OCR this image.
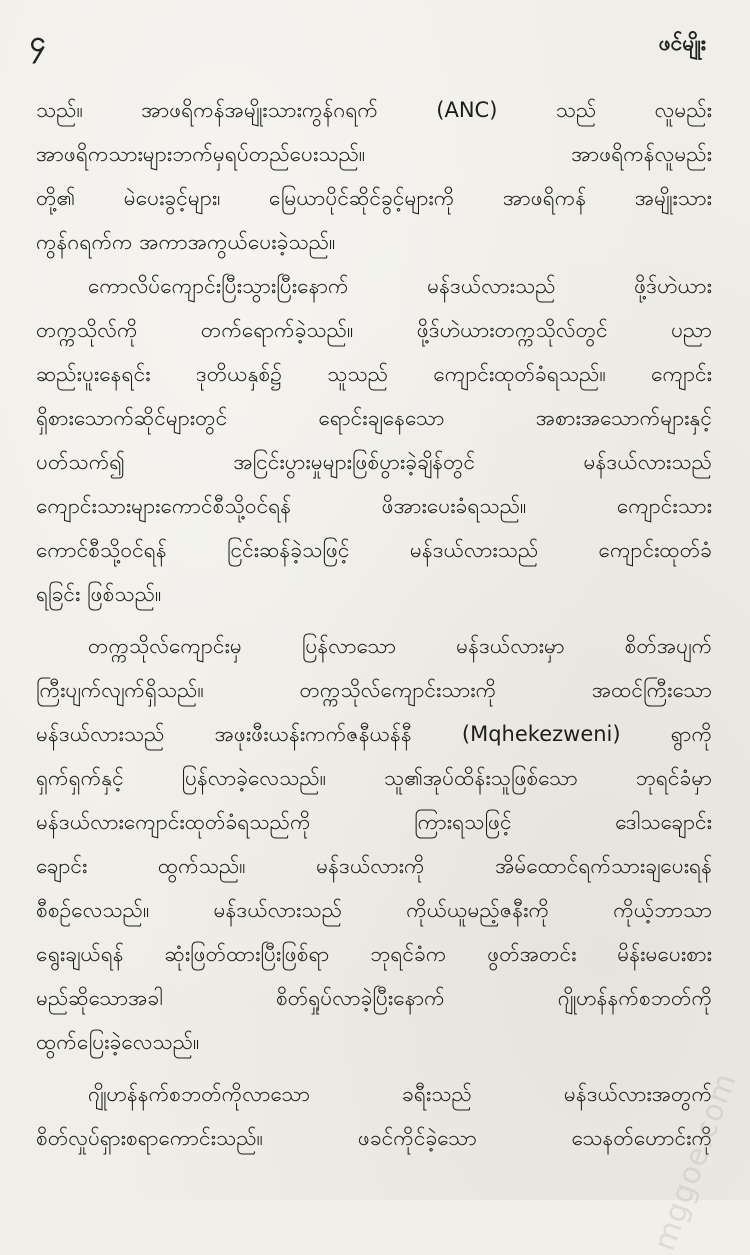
၄	ဖင်မျိုး
သည်။ အာဖရိကန်အမျိုးသားကွန်ဂရက် (ANC) သည် လူမည်း
အာဖရိကသားများဘက်မှရပ်တည်ပေးသည်။ အာဖရိကန်လူမည်း
တို့၏ မဲပေးခွင့်များ၊ မြေယာပိုင်ဆိုင်ခွင့်များကို အာဖရိကန် အမျိုးသား
ကွန်ဂရက်က အကာအကွယ်ပေးခဲ့သည်။
ကောလိပ်ကျောင်းပြီးသွားပြီးနောက် မန်ဒယ်လားသည် ဖို့ဒ်ဟဲယား
တက္ကသိုလ်ကို တက်ရောက်ခဲ့သည်။ ဖို့ဒ်ဟဲယားတက္ကသိုလ်တွင် ပညာ
ဆည်းပူးနေရင်း ဒုတိယနှစ်၌ သူသည် ကျောင်းထုတ်ခံရသည်။ ကျောင်း
ရှိစားသောက်ဆိုင်များတွင် ရောင်းချနေသော အစားအသောက်များနှင့်
ပတ်သက်၍ အငြင်းပွားမှုများဖြစ်ပွားခဲ့ချိန်တွင် မန်ဒယ်လားသည်
ကျောင်းသားများကောင်စီသို့ဝင်ရန် ဖိအားပေးခံရသည်။ ကျောင်းသား
ကောင်စီသို့ဝင်ရန် ငြင်းဆန်ခဲ့သဖြင့် မန်ဒယ်လားသည် ကျောင်းထုတ်ခံ
ရခြင်း ဖြစ်သည်။
တက္ကသိုလ်ကျောင်းမှ ပြန်လာသော မန်ဒယ်လားမှာ စိတ်အပျက်
ကြီးပျက်လျက်ရှိသည်။ တက္ကသိုလ်ကျောင်းသားကို အထင်ကြီးသော
မန်ဒယ်လားသည် အဖုးဖီးယန်းကက်ဇနီယန်နီ (Mqhekezweni) ရွာကို
ရှက်ရှက်နှင့် ပြန်လာခဲ့လေသည်။ သူ၏အုပ်ထိန်းသူဖြစ်သော ဘုရင်ခံမှာ
မန်ဒယ်လားကျောင်းထုတ်ခံရသည်ကို ကြားရသဖြင့် ဒေါသချောင်း
ချောင်း ထွက်သည်။ မန်ဒယ်လားကို အိမ်ထောင်ရက်သားချပေးရန်
စီစဉ်လေသည်။ မန်ဒယ်လားသည် ကိုယ်ယူမည့်ဇနီးကို ကိုယ့်ဘာသာ
ရွေးချယ်ရန် ဆုံးဖြတ်ထားပြီးဖြစ်ရာ ဘုရင်ခံက ဖွတ်အတင်း မိန်းမပေးစား
မည်ဆိုသောအခါ စိတ်ရှုပ်လာခဲ့ပြီးနောက် ဂျိုဟန်နက်စဘတ်ကို
ထွက်ပြေးခဲ့လေသည်။
ဂျိုဟန်နက်စဘတ်ကိုလာသော ခရီးသည် မန်ဒယ်လားအတွက်
စိတ်လှုပ်ရှားစရာကောင်းသည်။ ဖခင်ကိုင်ခဲ့သော သေနတ်ဟောင်းကို
mggoe.com
